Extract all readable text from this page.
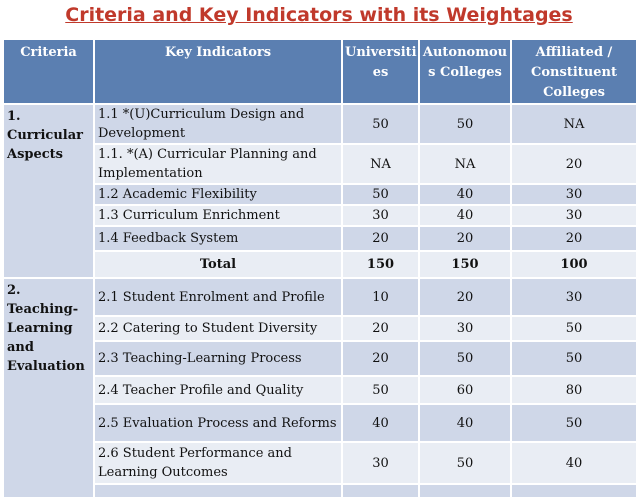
Criteria and Key Indicators with its Weightages
Criteria	Key Indicators	Universiti es	Autonomou s Colleges	Affiliated / Constituent Colleges
1. Curricular Aspects	1.1 *(U)Curriculum Design and Development	50	50	NA
	1.1. *(A) Curricular Planning and Implementation	NA	NA	20
	1.2 Academic Flexibility	50	40	30
	1.3 Curriculum Enrichment	30	40	30
	1.4 Feedback System	20	20	20
	Total	150	150	100
2. Teaching-Learning and Evaluation	2.1 Student Enrolment and Profile	10	20	30
	2.2 Catering to Student Diversity	20	30	50
	2.3 Teaching-Learning Process	20	50	50
	2.4 Teacher Profile and Quality	50	60	80
	2.5 Evaluation Process and Reforms	40	40	50
	2.6 Student Performance and Learning Outcomes	30	50	40
